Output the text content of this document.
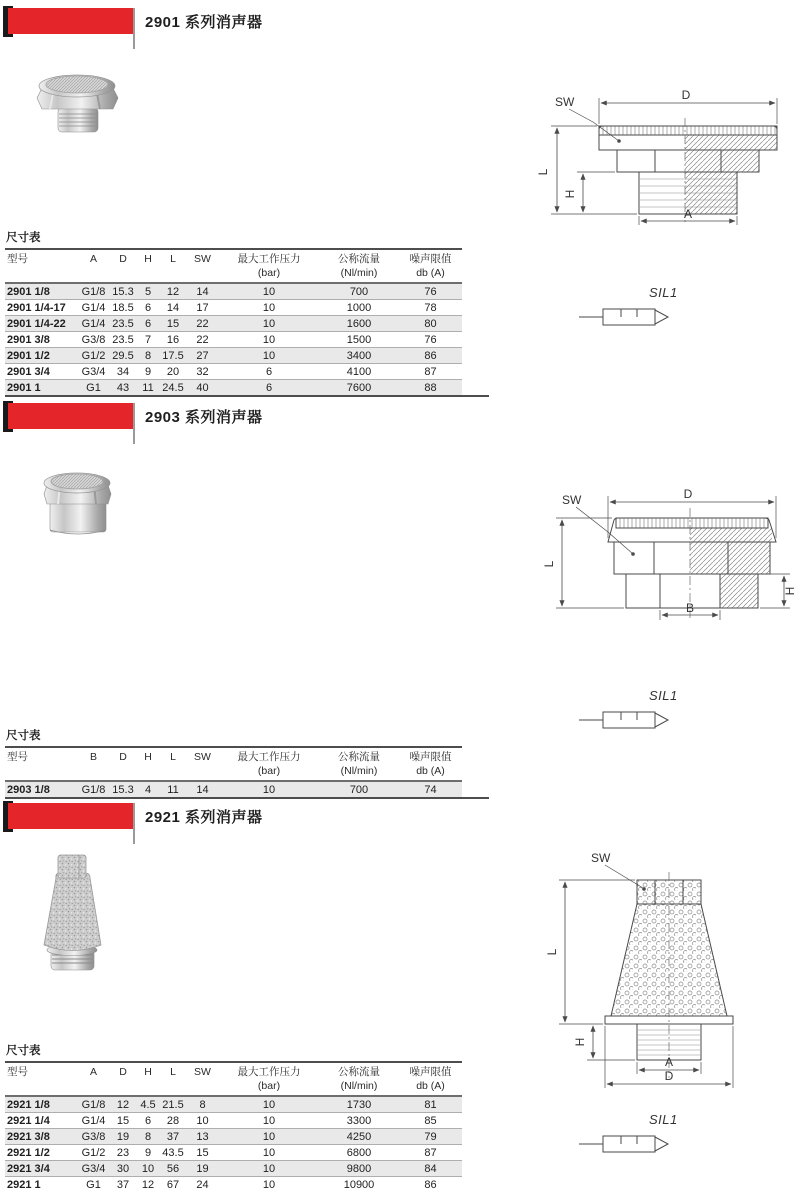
2901 系列消声器
D
SW
L
H
A
SIL1
尺寸表
型号	A	D	H	L	SW	最大工作压力
(bar)

公称流量
(Nl/min)

噪声限值
db (A)

2901 1/8	G1/8	15.3	5	12	14	10	700	76
2901 1/4-17	G1/4	18.5	6	14	17	10	1000	78
2901 1/4-22	G1/4	23.5	6	15	22	10	1600	80
2901 3/8	G3/8	23.5	7	16	22	10	1500	76
2901 1/2	G1/2	29.5	8	17.5	27	10	3400	86
2901 3/4	G3/4	34	9	20	32	6	4100	87
2901 1	G1	43	11	24.5	40	6	7600	88
2903 系列消声器
D
SW
L
H
B
SIL1
尺寸表
型号	B	D	H	L	SW	最大工作压力
(bar)

公称流量
(Nl/min)

噪声限值
db (A)

2903 1/8	G1/8	15.3	4	11	14	10	700	74
2921 系列消声器
SW
L
H
A
D
尺寸表
型号	A	D	H	L	SW	最大工作压力
(bar)

公称流量
(Nl/min)

噪声限值
db (A)

2921 1/8	G1/8	12	4.5	21.5	8	10	1730	81
2921 1/4	G1/4	15	6	28	10	10	3300	85
2921 3/8	G3/8	19	8	37	13	10	4250	79
2921 1/2	G1/2	23	9	43.5	15	10	6800	87
2921 3/4	G3/4	30	10	56	19	10	9800	84
2921 1	G1	37	12	67	24	10	10900	86
SIL1
